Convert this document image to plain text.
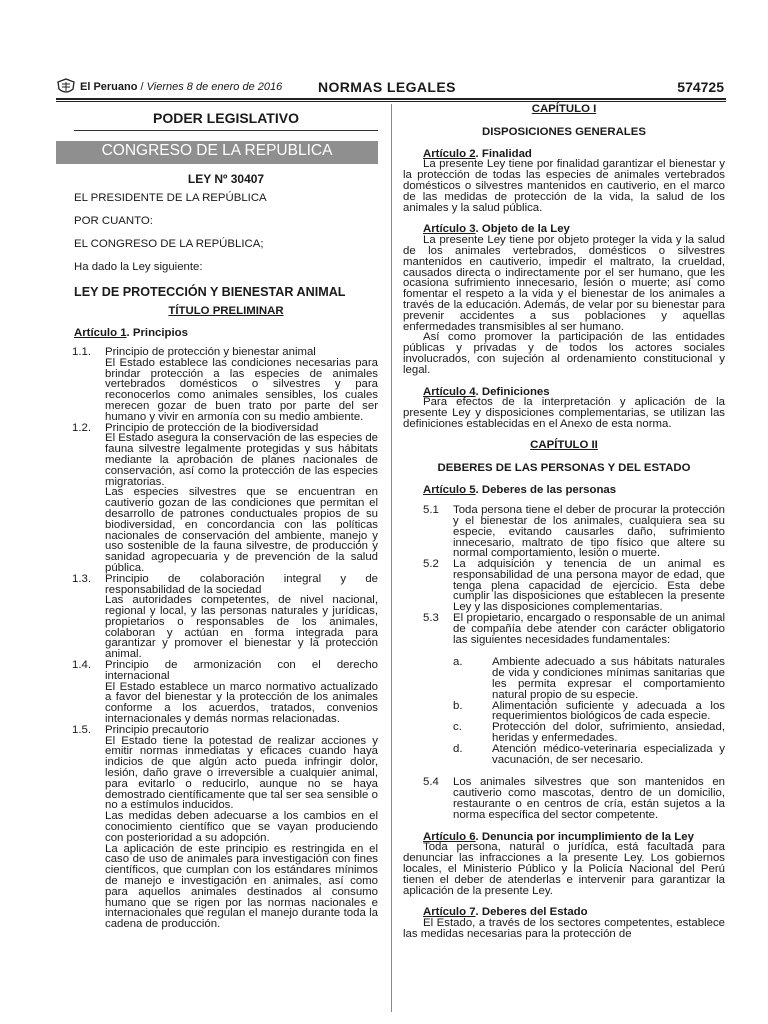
El Peruano / Viernes 8 de enero de 2016	NORMAS LEGALES	574725
PODER LEGISLATIVO
CONGRESO DE LA REPUBLICA
LEY Nº 30407
EL PRESIDENTE DE LA REPÚBLICA
POR CUANTO:
EL CONGRESO DE LA REPÚBLICA;
Ha dado la Ley siguiente:
LEY DE PROTECCIÓN Y BIENESTAR ANIMAL
TÍTULO PRELIMINAR
Artículo 1. Principios
1.1. Principio de protección y bienestar animal
El Estado establece las condiciones necesarias para brindar protección a las especies de animales vertebrados domésticos o silvestres y para reconocerlos como animales sensibles, los cuales merecen gozar de buen trato por parte del ser humano y vivir en armonía con su medio ambiente.
1.2. Principio de protección de la biodiversidad
El Estado asegura la conservación de las especies de fauna silvestre legalmente protegidas y sus hábitats mediante la aprobación de planes nacionales de conservación, así como la protección de las especies migratorias.
Las especies silvestres que se encuentran en cautiverio gozan de las condiciones que permitan el desarrollo de patrones conductuales propios de su biodiversidad, en concordancia con las políticas nacionales de conservación del ambiente, manejo y uso sostenible de la fauna silvestre, de producción y sanidad agropecuaria y de prevención de la salud pública.
1.3. Principio de colaboración integral y de responsabilidad de la sociedad
Las autoridades competentes, de nivel nacional, regional y local, y las personas naturales y jurídicas, propietarios o responsables de los animales, colaboran y actúan en forma integrada para garantizar y promover el bienestar y la protección animal.
1.4. Principio de armonización con el derecho internacional
El Estado establece un marco normativo actualizado a favor del bienestar y la protección de los animales conforme a los acuerdos, tratados, convenios internacionales y demás normas relacionadas.
1.5. Principio precautorio
El Estado tiene la potestad de realizar acciones y emitir normas inmediatas y eficaces cuando haya indicios de que algún acto pueda infringir dolor, lesión, daño grave o irreversible a cualquier animal, para evitarlo o reducirlo, aunque no se haya demostrado científicamente que tal ser sea sensible o no a estímulos inducidos.
Las medidas deben adecuarse a los cambios en el conocimiento científico que se vayan produciendo con posterioridad a su adopción.
La aplicación de este principio es restringida en el caso de uso de animales para investigación con fines científicos, que cumplan con los estándares mínimos de manejo e investigación en animales, así como para aquellos animales destinados al consumo humano que se rigen por las normas nacionales e internacionales que regulan el manejo durante toda la cadena de producción.
CAPÍTULO I
DISPOSICIONES GENERALES
Artículo 2. Finalidad
La presente Ley tiene por finalidad garantizar el bienestar y la protección de todas las especies de animales vertebrados domésticos o silvestres mantenidos en cautiverio, en el marco de las medidas de protección de la vida, la salud de los animales y la salud pública.
Artículo 3. Objeto de la Ley
La presente Ley tiene por objeto proteger la vida y la salud de los animales vertebrados, domésticos o silvestres mantenidos en cautiverio, impedir el maltrato, la crueldad, causados directa o indirectamente por el ser humano, que les ocasiona sufrimiento innecesario, lesión o muerte; así como fomentar el respeto a la vida y el bienestar de los animales a través de la educación. Además, de velar por su bienestar para prevenir accidentes a sus poblaciones y aquellas enfermedades transmisibles al ser humano.
Así como promover la participación de las entidades públicas y privadas y de todos los actores sociales involucrados, con sujeción al ordenamiento constitucional y legal.
Artículo 4. Definiciones
Para efectos de la interpretación y aplicación de la presente Ley y disposiciones complementarias, se utilizan las definiciones establecidas en el Anexo de esta norma.
CAPÍTULO II
DEBERES DE LAS PERSONAS Y DEL ESTADO
Artículo 5. Deberes de las personas
5.1 Toda persona tiene el deber de procurar la protección y el bienestar de los animales, cualquiera sea su especie, evitando causarles daño, sufrimiento innecesario, maltrato de tipo físico que altere su normal comportamiento, lesión o muerte.
5.2 La adquisición y tenencia de un animal es responsabilidad de una persona mayor de edad, que tenga plena capacidad de ejercicio. Esta debe cumplir las disposiciones que establecen la presente Ley y las disposiciones complementarias.
5.3 El propietario, encargado o responsable de un animal de compañía debe atender con carácter obligatorio las siguientes necesidades fundamentales:
a.	Ambiente adecuado a sus hábitats naturales de vida y condiciones mínimas sanitarias que les permita expresar el comportamiento natural propio de su especie.
b.	Alimentación suficiente y adecuada a los requerimientos biológicos de cada especie.
c.	Protección del dolor, sufrimiento, ansiedad, heridas y enfermedades.
d.	Atención médico-veterinaria especializada y vacunación, de ser necesario.
5.4 Los animales silvestres que son mantenidos en cautiverio como mascotas, dentro de un domicilio, restaurante o en centros de cría, están sujetos a la norma específica del sector competente.
Artículo 6. Denuncia por incumplimiento de la Ley
Toda persona, natural o jurídica, está facultada para denunciar las infracciones a la presente Ley. Los gobiernos locales, el Ministerio Público y la Policía Nacional del Perú tienen el deber de atenderlas e intervenir para garantizar la aplicación de la presente Ley.
Artículo 7. Deberes del Estado
El Estado, a través de los sectores competentes, establece las medidas necesarias para la protección de
